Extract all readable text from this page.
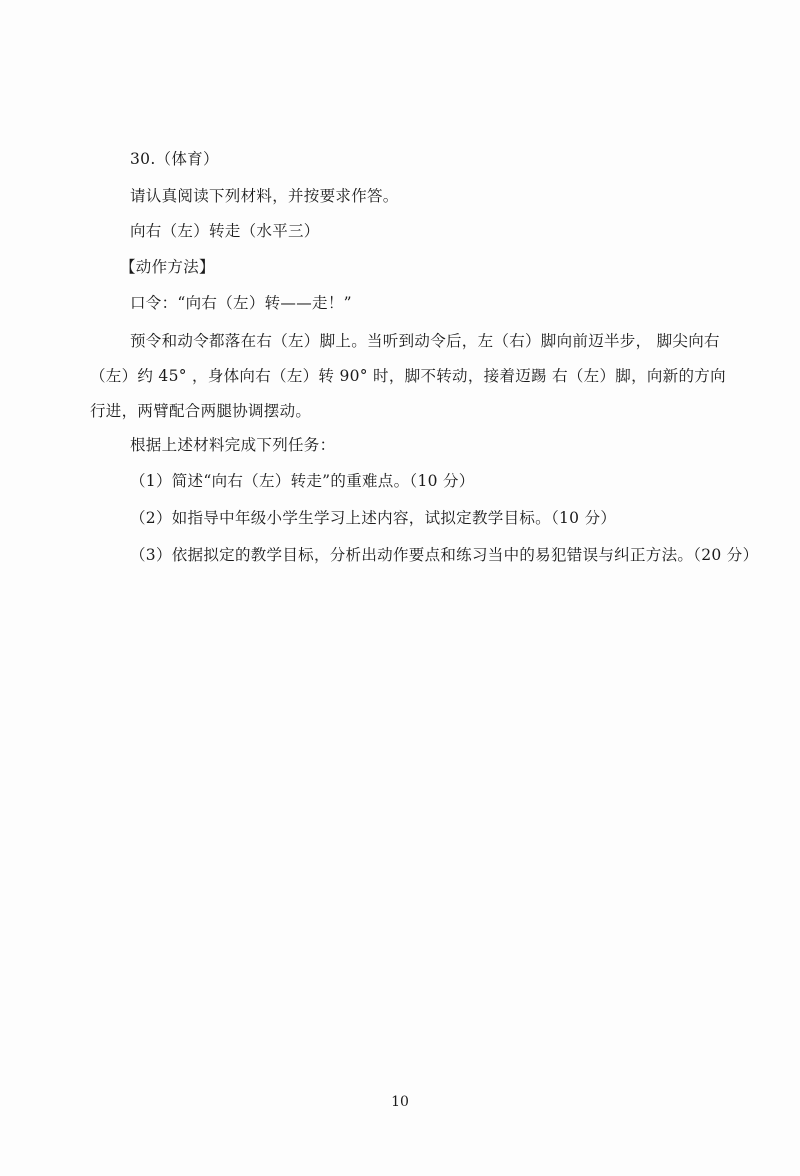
30.（体育）
请认真阅读下列材料，并按要求作答。
向右（左）转走（水平三）
【动作方法】
口令：“向右（左）转——走！”
预令和动令都落在右（左）脚上。当听到动令后，左（右）脚向前迈半步， 脚尖向右（左）约 45° ，身体向右（左）转 90° 时，脚不转动，接着迈踢 右（左）脚，向新的方向行进，两臂配合两腿协调摆动。
根据上述材料完成下列任务：
（1）简述“向右（左）转走”的重难点。（10 分）
（2）如指导中年级小学生学习上述内容，试拟定教学目标。（10 分）
（3）依据拟定的教学目标，分析出动作要点和练习当中的易犯错误与纠正方法。（20 分）
10
